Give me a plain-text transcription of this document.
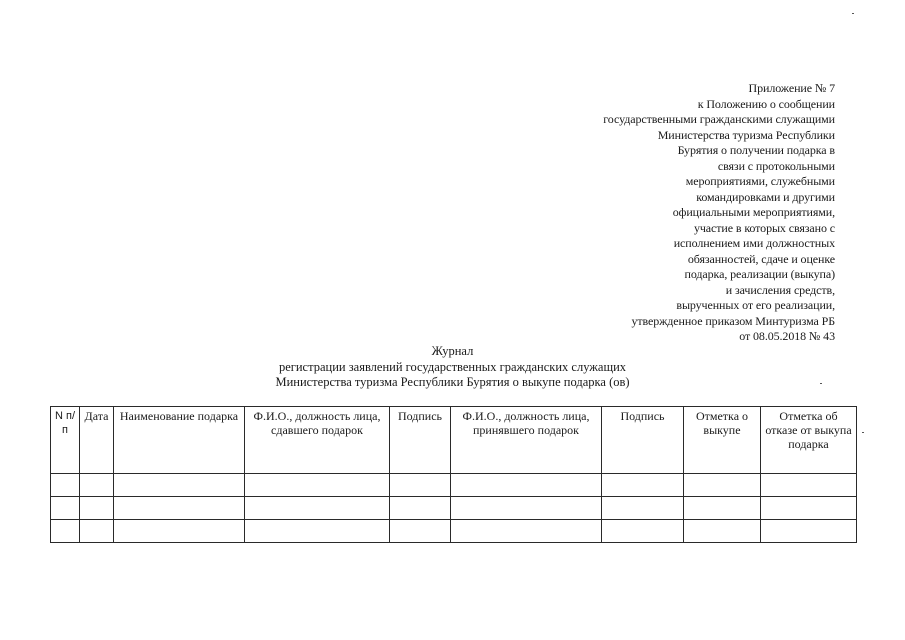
Приложение № 7
к Положению о сообщении
государственными гражданскими служащими
Министерства туризма Республики
Бурятия о получении подарка в
связи с протокольными
мероприятиями, служебными
командировками и другими
официальными мероприятиями,
участие в которых связано с
исполнением ими должностных
обязанностей, сдаче и оценке
подарка, реализации (выкупа)
и зачисления средств,
вырученных от его реализации,
утвержденное приказом Минтуризма РБ
от 08.05.2018 № 43
Журнал
регистрации заявлений государственных гражданских служащих
Министерства туризма Республики Бурятия о выкупе подарка (ов)
N п/п	Дата	Наименование подарка	Ф.И.О., должность лица, сдавшего подарок	Подпись	Ф.И.О., должность лица, принявшего подарок	Подпись	Отметка о выкупе	Отметка об отказе от выкупа подарка
